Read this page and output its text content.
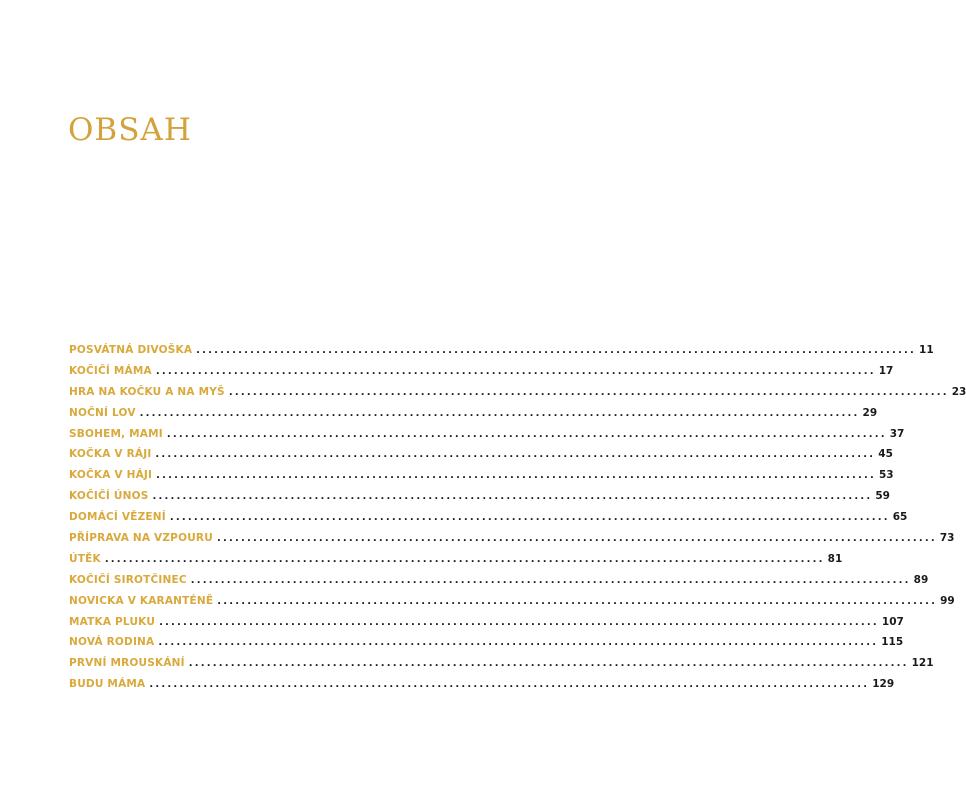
OBSAH
POSVÁTNÁ DIVOŠKA ........................................................................................................................ 11
KOČIČÍ MÁMA ........................................................................................................................ 17
HRA NA KOČKU A NA MYŠ ........................................................................................................................ 23
NOČNÍ LOV ........................................................................................................................ 29
SBOHEM, MAMI ........................................................................................................................ 37
KOČKA V RÁJI ........................................................................................................................ 45
KOČKA V HÁJI ........................................................................................................................ 53
KOČIČÍ ÚNOS ........................................................................................................................ 59
DOMÁCÍ VĚZENÍ ........................................................................................................................ 65
PŘÍPRAVA NA VZPOURU ........................................................................................................................ 73
ÚTĚK ........................................................................................................................ 81
KOČIČÍ SIROTČINEC ........................................................................................................................ 89
NOVICKA V KARANTÉNĚ ........................................................................................................................ 99
MATKA PLUKU ........................................................................................................................ 107
NOVÁ RODINA ........................................................................................................................ 115
PRVNÍ MROUSKÁNÍ ........................................................................................................................ 121
BUDU MÁMA ........................................................................................................................ 129
